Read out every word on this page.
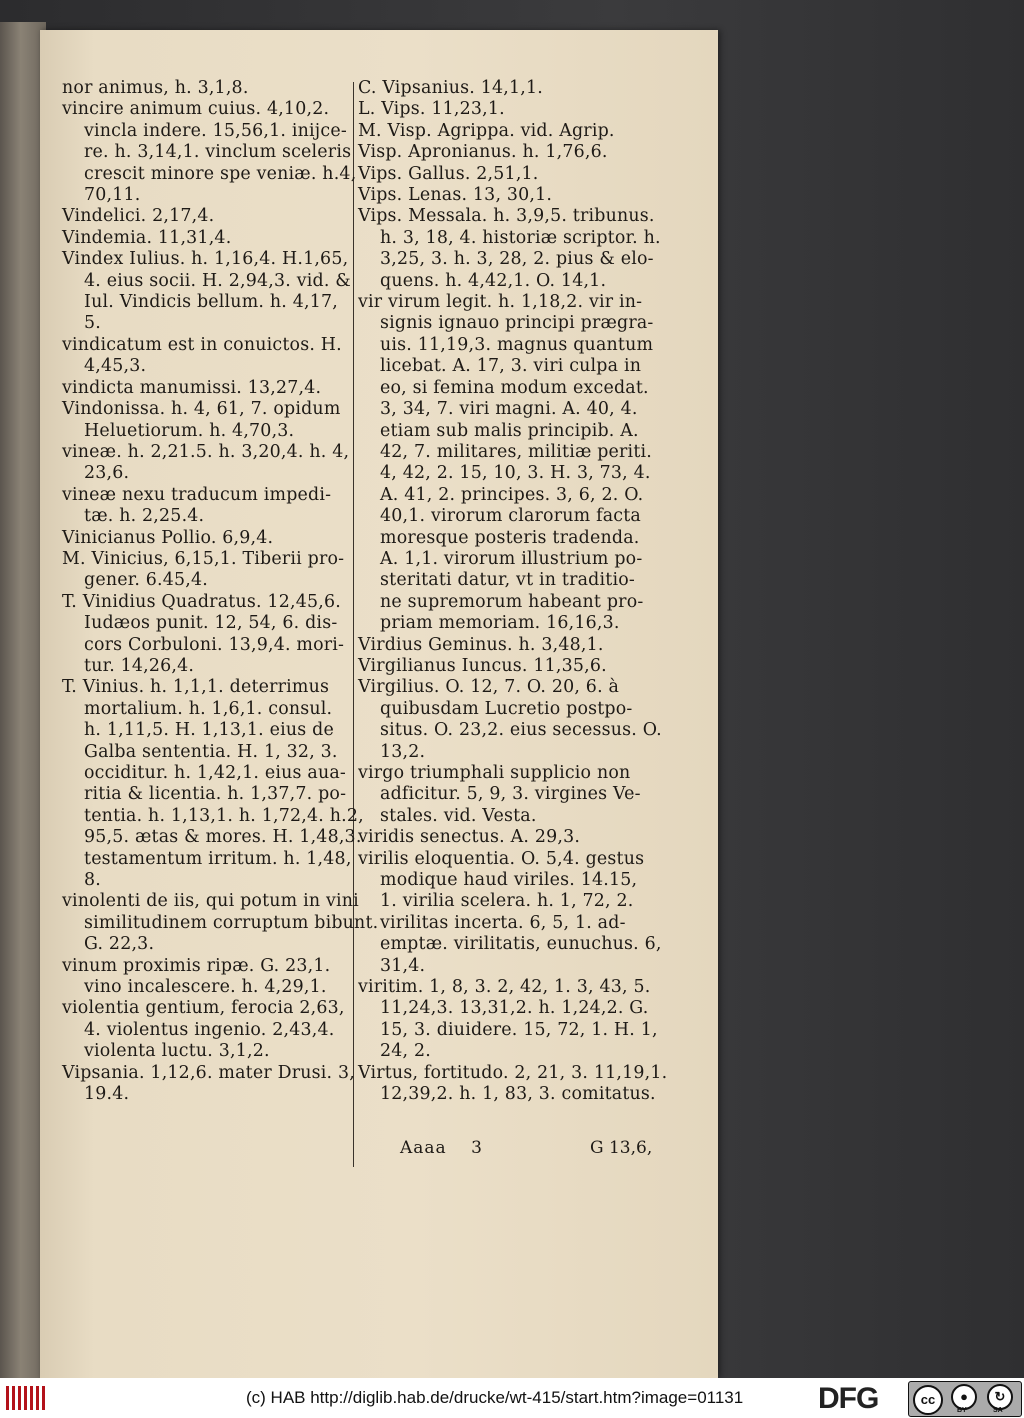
nor animus, h. 3,1,8.
vincire animum cuius. 4,10,2.
vincla indere. 15,56,1. inijce-
re. h. 3,14,1. vinclum sceleris
crescit minore spe veniæ. h.4,
70,11.
Vindelici. 2,17,4.
Vindemia. 11,31,4.
Vindex Iulius. h. 1,16,4. H.1,65,
4. eius socii. H. 2,94,3. vid. &
Iul. Vindicis bellum. h. 4,17,
5.
vindicatum est in conuictos. H.
4,45,3.
vindicta manumissi. 13,27,4.
Vindonissa. h. 4, 61, 7. opidum
Heluetiorum. h. 4,70,3.
vineæ. h. 2,21.5. h. 3,20,4. h. 4,
23,6.
vineæ nexu traducum impedi-
tæ. h. 2,25.4.
Vinicianus Pollio. 6,9,4.
M. Vinicius, 6,15,1. Tiberii pro-
gener. 6.45,4.
T. Vinidius Quadratus. 12,45,6.
Iudæos punit. 12, 54, 6. dis-
cors Corbuloni. 13,9,4. mori-
tur. 14,26,4.
T. Vinius. h. 1,1,1. deterrimus
mortalium. h. 1,6,1. consul.
h. 1,11,5. H. 1,13,1. eius de
Galba sententia. H. 1, 32, 3.
occiditur. h. 1,42,1. eius aua-
ritia & licentia. h. 1,37,7. po-
tentia. h. 1,13,1. h. 1,72,4. h.2,
95,5. ætas & mores. H. 1,48,3.
testamentum irritum. h. 1,48,
8.
vinolenti de iis, qui potum in vini
similitudinem corruptum bibunt.
G. 22,3.
vinum proximis ripæ. G. 23,1.
vino incalescere. h. 4,29,1.
violentia gentium, ferocia 2,63,
4. violentus ingenio. 2,43,4.
violenta luctu. 3,1,2.
Vipsania. 1,12,6. mater Drusi. 3,
19.4.
C. Vipsanius. 14,1,1.
L. Vips. 11,23,1.
M. Visp. Agrippa. vid. Agrip.
Visp. Apronianus. h. 1,76,6.
Vips. Gallus. 2,51,1.
Vips. Lenas. 13, 30,1.
Vips. Messala. h. 3,9,5. tribunus.
h. 3, 18, 4. historiæ scriptor. h.
3,25, 3. h. 3, 28, 2. pius & elo-
quens. h. 4,42,1. O. 14,1.
vir virum legit. h. 1,18,2. vir in-
signis ignauo principi prægra-
uis. 11,19,3. magnus quantum
licebat. A. 17, 3. viri culpa in
eo, si femina modum excedat.
3, 34, 7. viri magni. A. 40, 4.
etiam sub malis principib. A.
42, 7. militares, militiæ periti.
4, 42, 2. 15, 10, 3. H. 3, 73, 4.
A. 41, 2. principes. 3, 6, 2. O.
40,1. virorum clarorum facta
moresque posteris tradenda.
A. 1,1. virorum illustrium po-
steritati datur, vt in traditio-
ne supremorum habeant pro-
priam memoriam. 16,16,3.
Virdius Geminus. h. 3,48,1.
Virgilianus Iuncus. 11,35,6.
Virgilius. O. 12, 7. O. 20, 6. à
quibusdam Lucretio postpo-
situs. O. 23,2. eius secessus. O.
13,2.
virgo triumphali supplicio non
adficitur. 5, 9, 3. virgines Ve-
stales. vid. Vesta.
viridis senectus. A. 29,3.
virilis eloquentia. O. 5,4. gestus
modique haud viriles. 14.15,
1. virilia scelera. h. 1, 72, 2.
virilitas incerta. 6, 5, 1. ad-
emptæ. virilitatis, eunuchus. 6,
31,4.
viritim. 1, 8, 3. 2, 42, 1. 3, 43, 5.
11,24,3. 13,31,2. h. 1,24,2. G.
15, 3. diuidere. 15, 72, 1. H. 1,
24, 2.
Virtus, fortitudo. 2, 21, 3. 11,19,1.
12,39,2. h. 1, 83, 3. comitatus.
Aaaa 3	G 13,6,
(c) HAB http://diglib.hab.de/drucke/wt-415/start.htm?image=01131 DFG	cc	●	↻
BY	SA
